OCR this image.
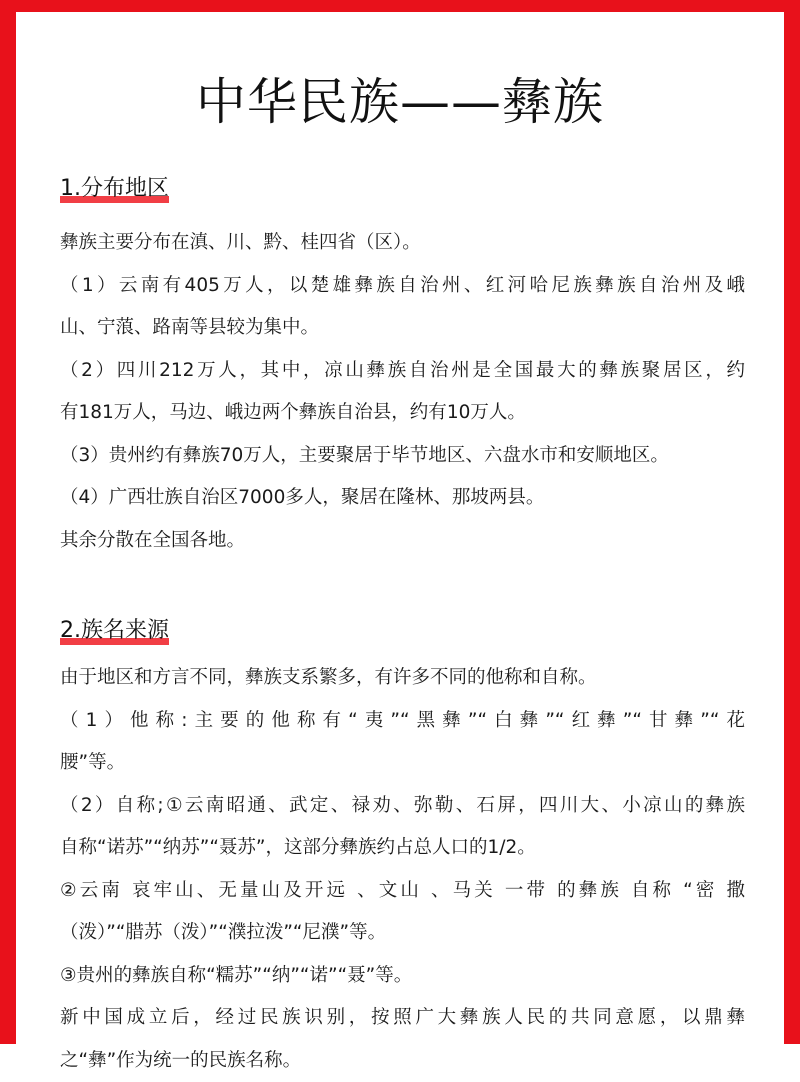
中华民族——彝族
1.分布地区
彝族主要分布在滇、川、黔、桂四省（区）。
（1）云南有405万人，以楚雄彝族自治州、红河哈尼族彝族自治州及峨
山、宁蒗、路南等县较为集中。
（2）四川212万人，其中，凉山彝族自治州是全国最大的彝族聚居区，约
有181万人，马边、峨边两个彝族自治县，约有10万人。
（3）贵州约有彝族70万人，主要聚居于毕节地区、六盘水市和安顺地区。
（4）广西壮族自治区7000多人，聚居在隆林、那坡两县。
其余分散在全国各地。
2.族名来源
由于地区和方言不同，彝族支系繁多，有许多不同的他称和自称。
（1）他称:主要的他称有“夷”“黑彝”“白彝”“红彝”“甘彝”“花
腰”等。
（2）自称;①云南昭通、武定、禄劝、弥勒、石屏，四川大、小凉山的彝族
自称“诺苏”“纳苏”“聂苏”，这部分彝族约占总人口的1/2。
②云南 哀牢山、无量山及开远 、文山 、马关 一带 的彝族 自称 “密 撒
（泼）”“腊苏（泼）”“濮拉泼”“尼濮”等。
③贵州的彝族自称“糯苏”“纳”“诺”“聂”等。
新中国成立后，经过民族识别，按照广大彝族人民的共同意愿，以鼎彝
之“彝”作为统一的民族名称。
